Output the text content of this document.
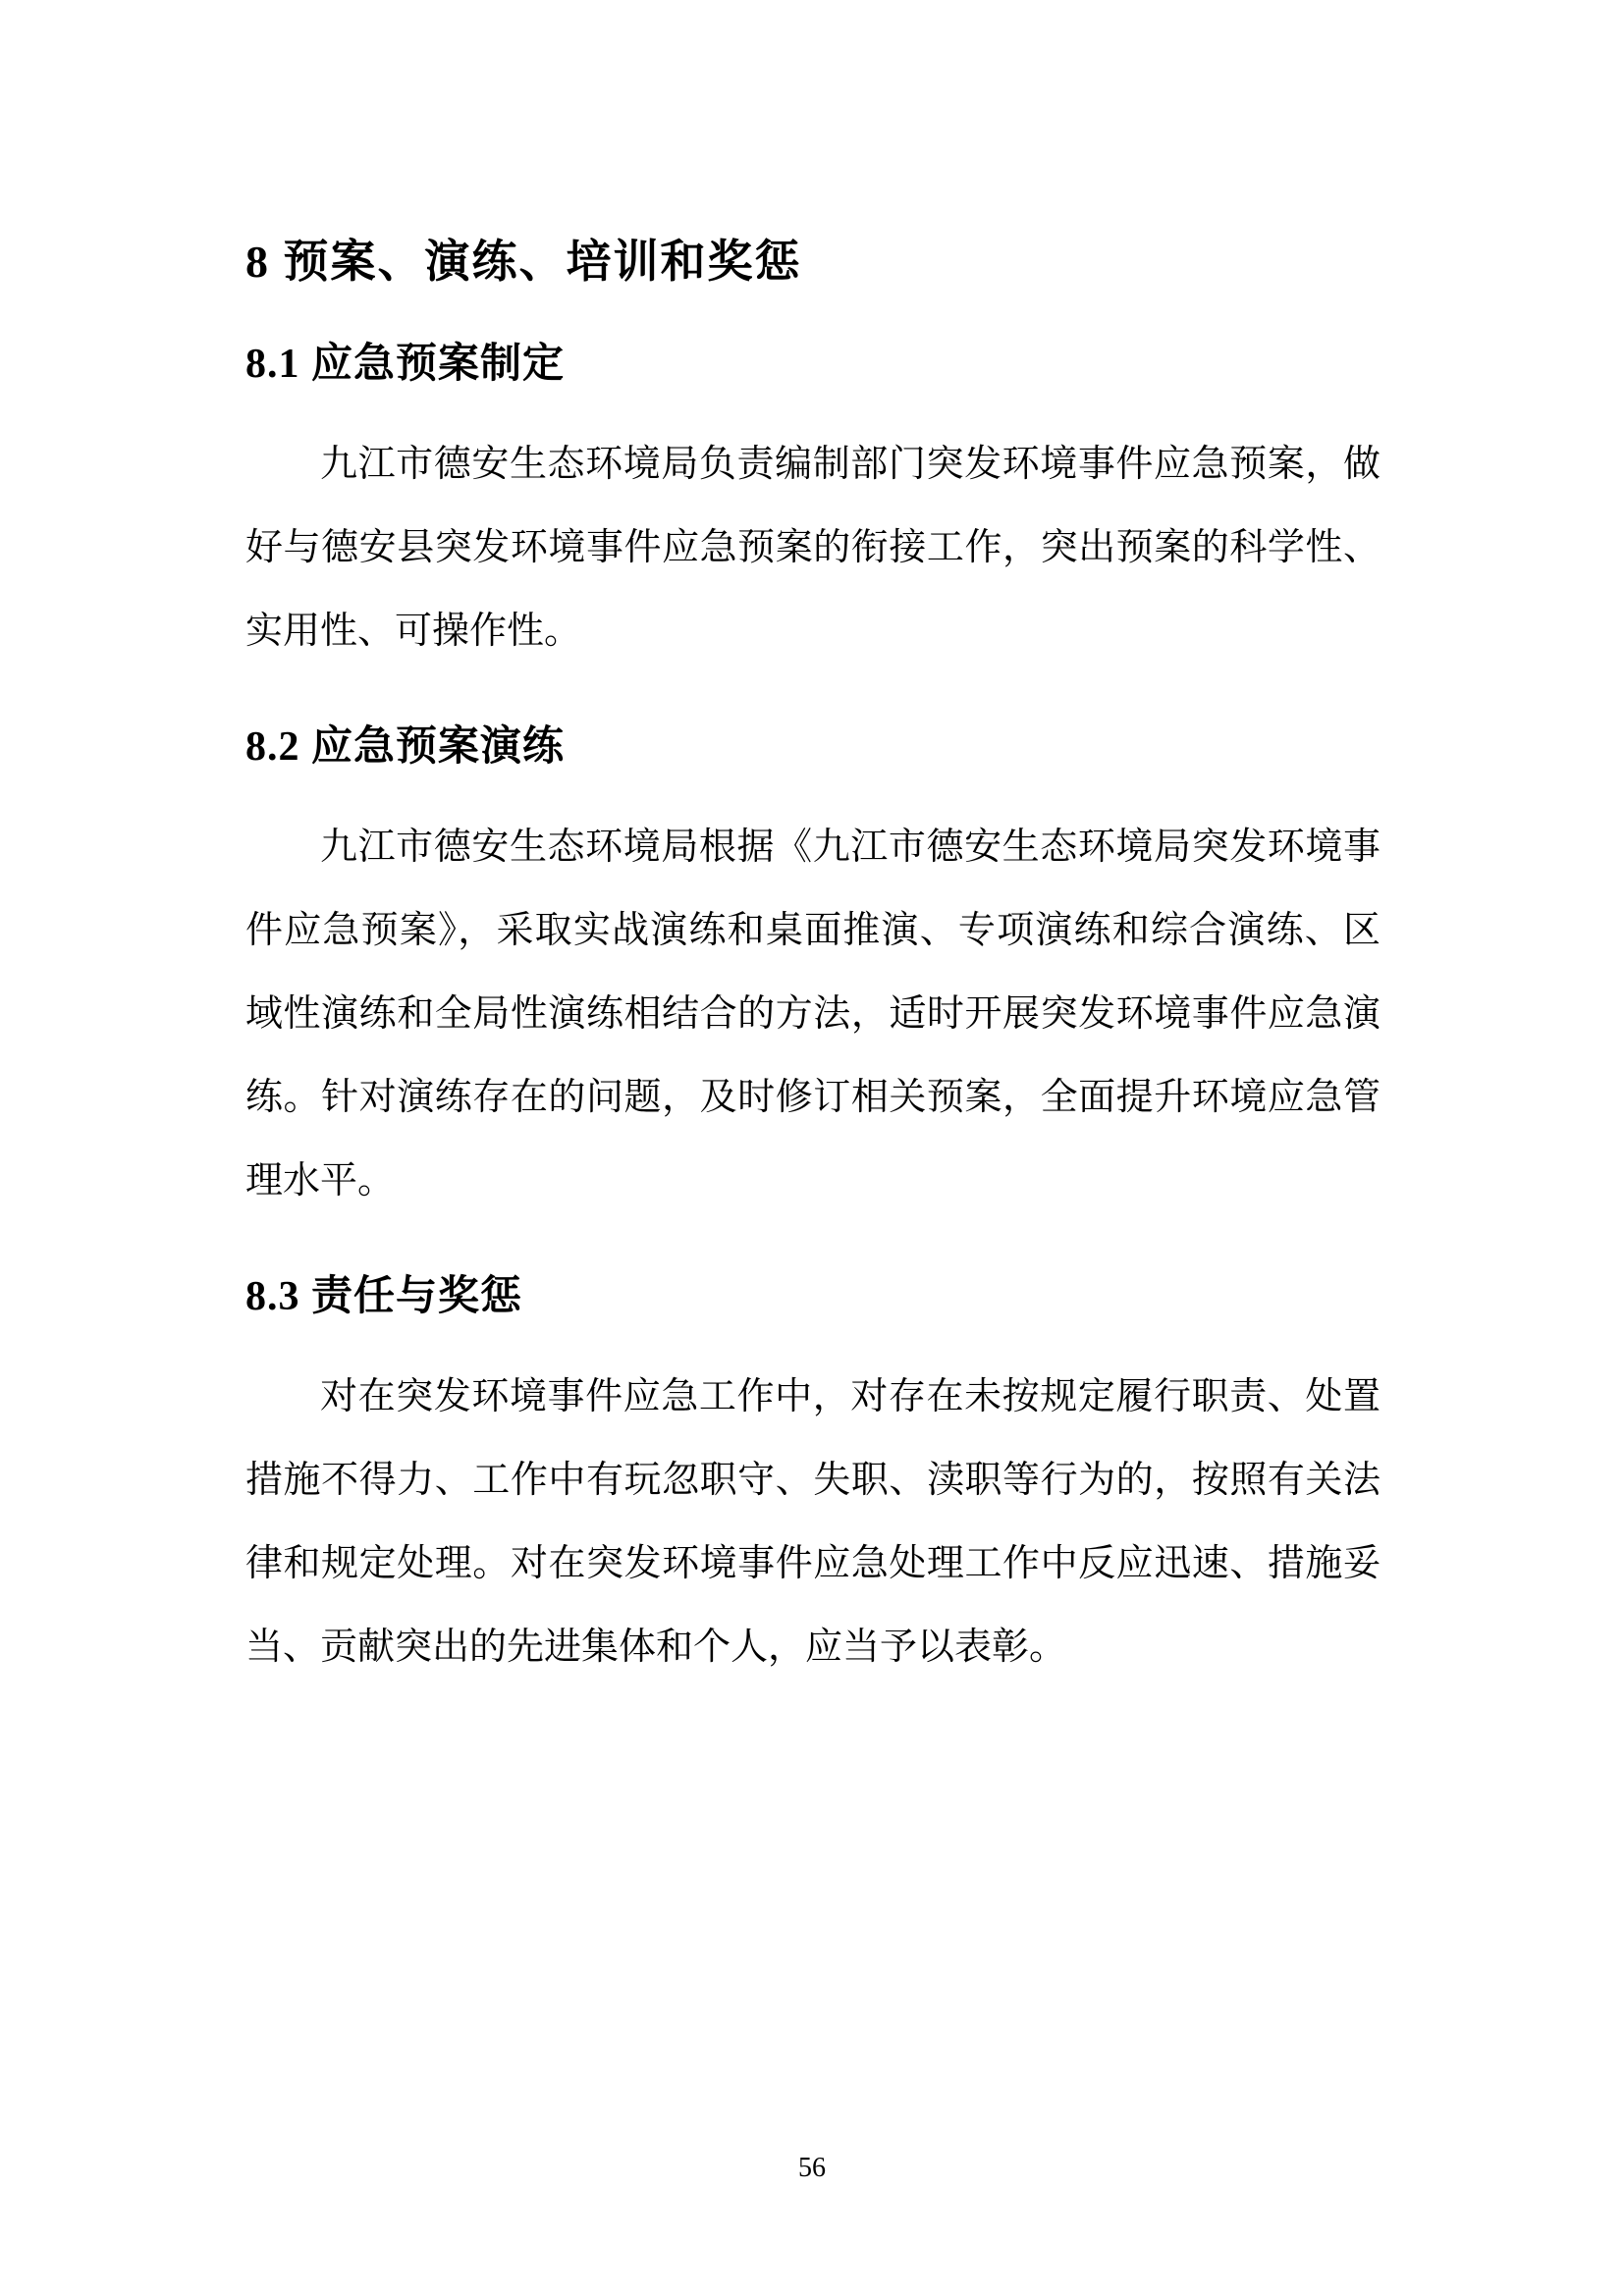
8 预案、演练、培训和奖惩
8.1 应急预案制定
九江市德安生态环境局负责编制部门突发环境事件应急预案，做
好与德安县突发环境事件应急预案的衔接工作，突出预案的科学性、
实用性、可操作性。
8.2 应急预案演练
九江市德安生态环境局根据《九江市德安生态环境局突发环境事
件应急预案》，采取实战演练和桌面推演、专项演练和综合演练、区
域性演练和全局性演练相结合的方法，适时开展突发环境事件应急演
练。针对演练存在的问题，及时修订相关预案，全面提升环境应急管
理水平。
8.3 责任与奖惩
对在突发环境事件应急工作中，对存在未按规定履行职责、处置
措施不得力、工作中有玩忽职守、失职、渎职等行为的，按照有关法
律和规定处理。对在突发环境事件应急处理工作中反应迅速、措施妥
当、贡献突出的先进集体和个人，应当予以表彰。
56
